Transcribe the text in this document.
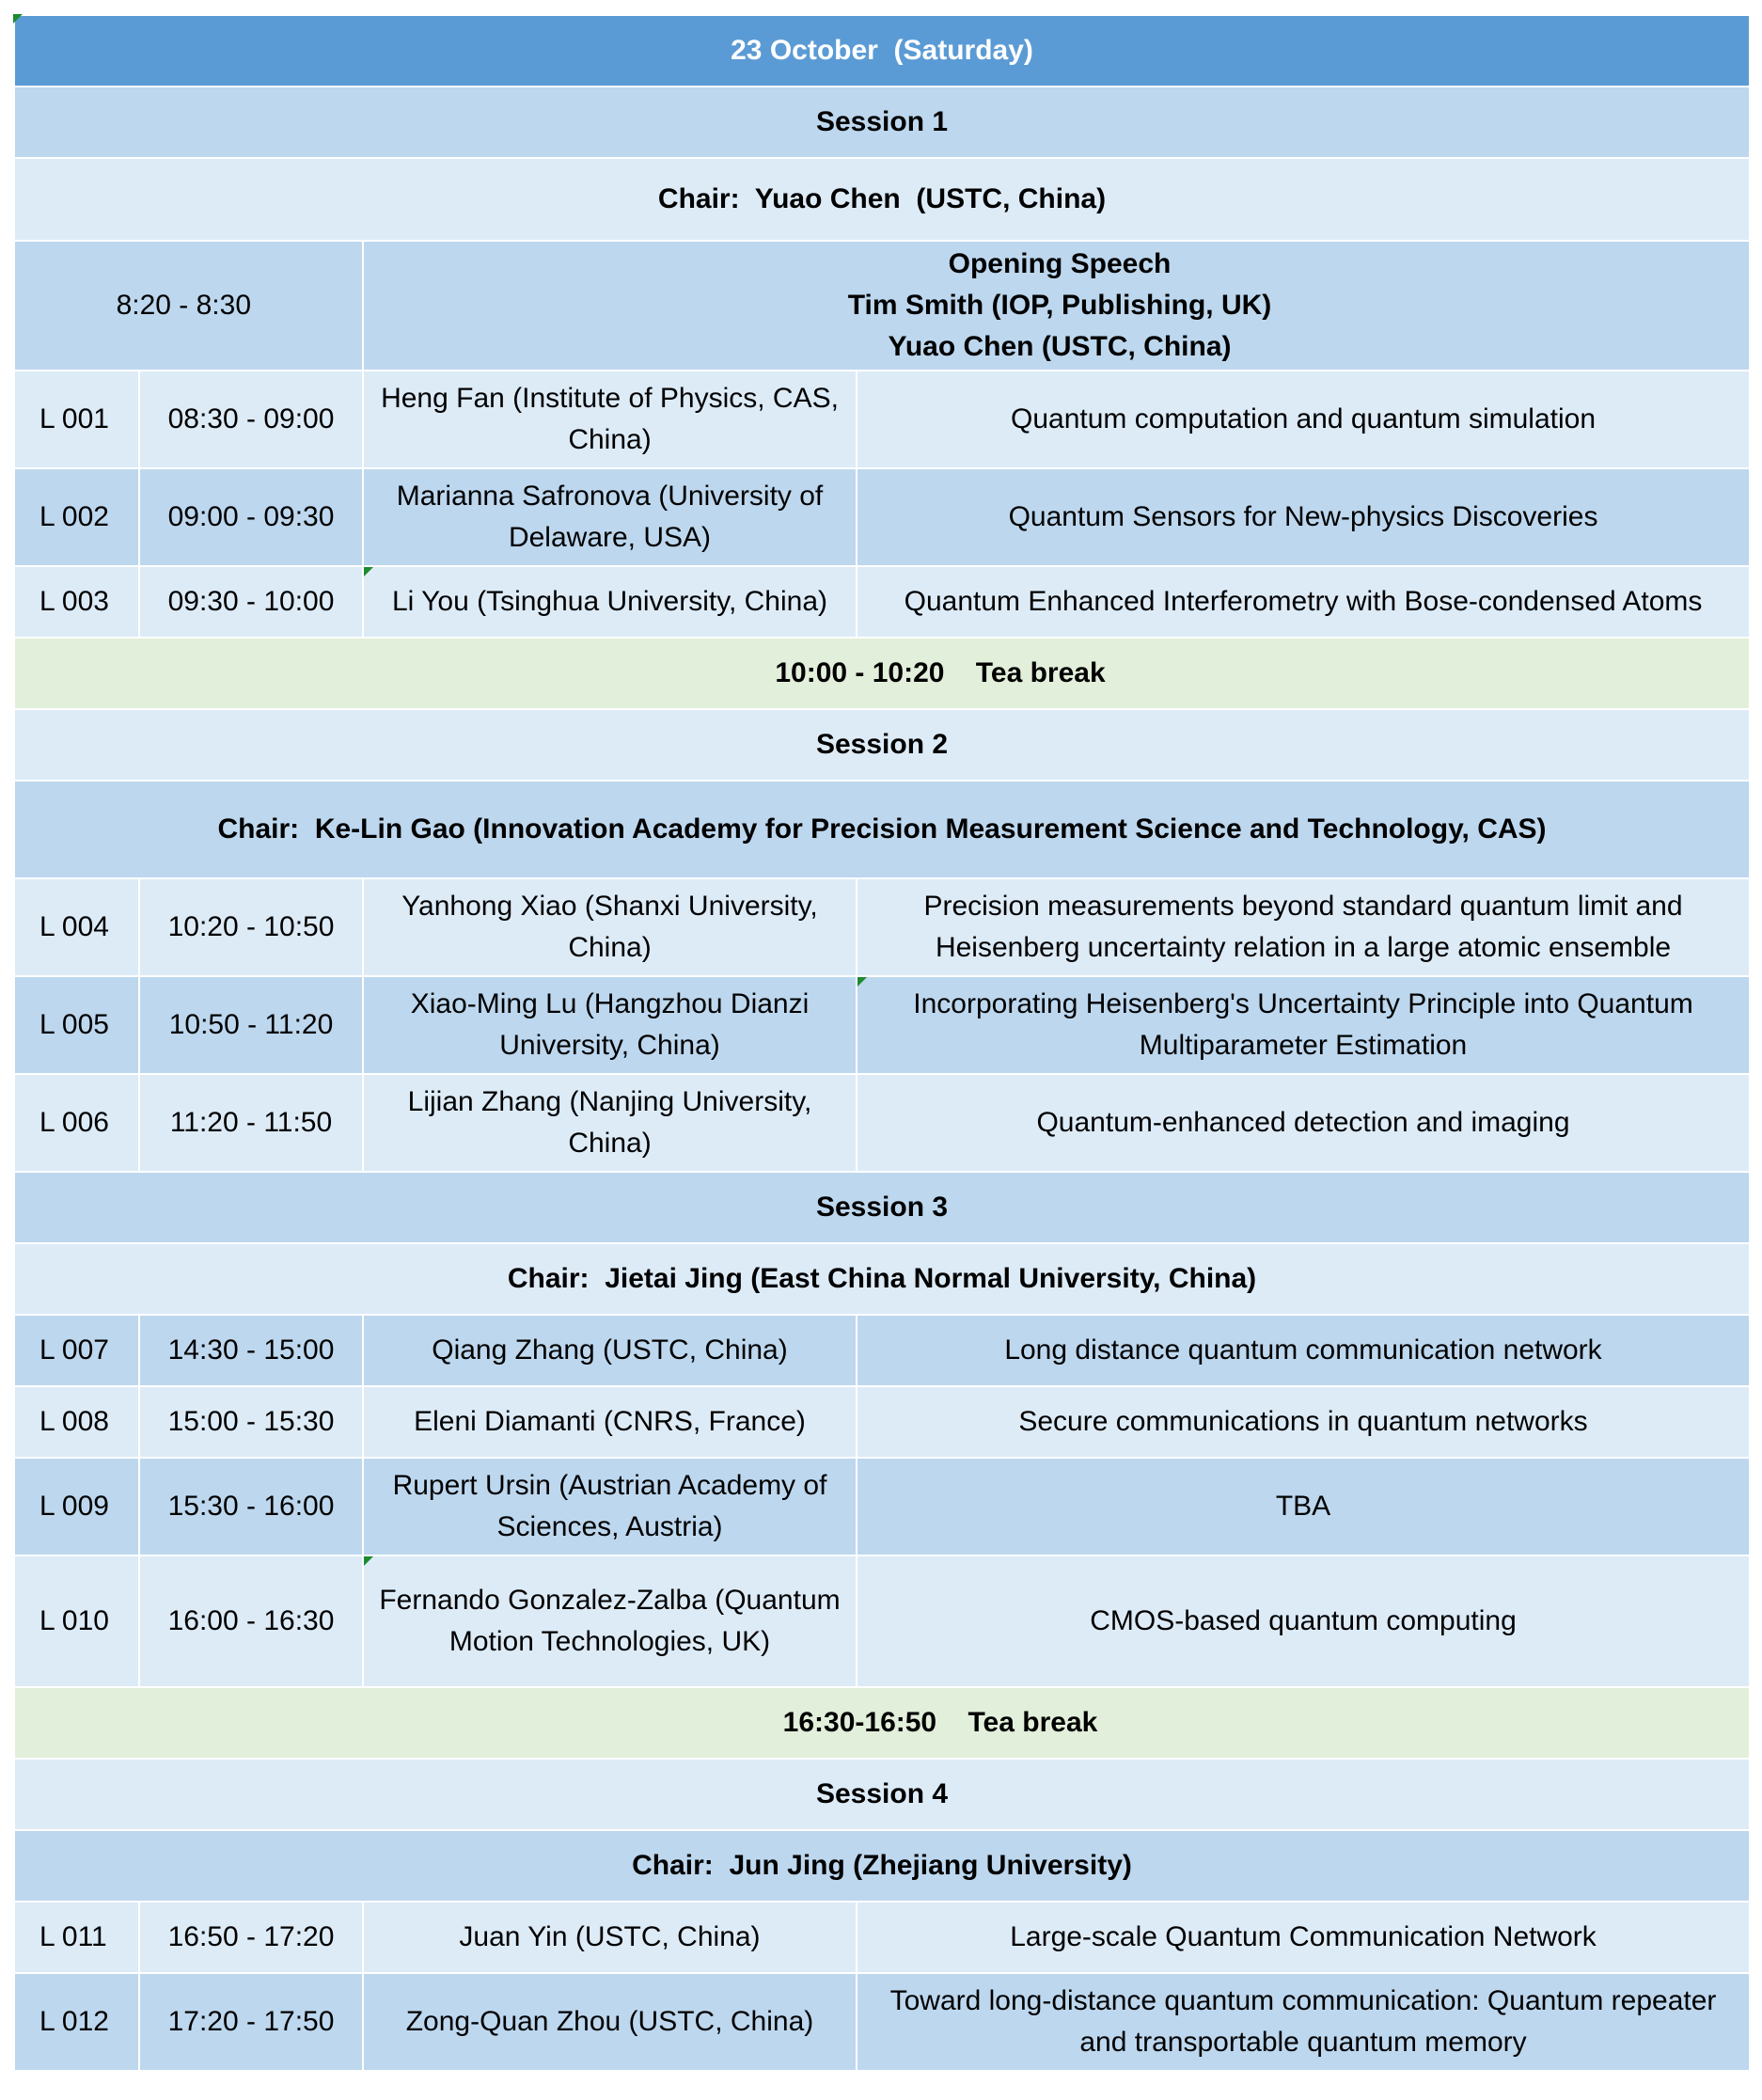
23 October  (Saturday)			
Session 1			
Chair:  Yuao Chen  (USTC, China)			
8:20 - 8:30		Opening Speech
Tim Smith (IOP, Publishing, UK)
Yuao Chen (USTC, China)	

L 001	08:30 - 09:00	Heng Fan (Institute of Physics, CAS, China)	Quantum computation and quantum simulation
L 002	09:00 - 09:30	Marianna Safronova (University of Delaware, USA)	Quantum Sensors for New-physics Discoveries
L 003	09:30 - 10:00	Li You (Tsinghua University, China)	Quantum Enhanced Interferometry with Bose-condensed Atoms
10:00 - 10:20    Tea break			
Session 2			
Chair:  Ke-Lin Gao (Innovation Academy for Precision Measurement Science and Technology, CAS)			
L 004	10:20 - 10:50	Yanhong Xiao (Shanxi University, China)	Precision measurements beyond standard quantum limit and Heisenberg uncertainty relation in a large atomic ensemble
L 005	10:50 - 11:20	Xiao-Ming Lu (Hangzhou Dianzi University, China)	Incorporating Heisenberg's Uncertainty Principle into Quantum Multiparameter Estimation
L 006	11:20 - 11:50	Lijian Zhang (Nanjing University, China)	Quantum-enhanced detection and imaging
Session 3			
Chair:  Jietai Jing (East China Normal University, China)			
L 007	14:30 - 15:00	Qiang Zhang (USTC, China)	Long distance quantum communication network
L 008	15:00 - 15:30	Eleni Diamanti (CNRS, France)	Secure communications in quantum networks
L 009	15:30 - 16:00	Rupert Ursin (Austrian Academy of Sciences, Austria)	TBA
L 010	16:00 - 16:30	Fernando Gonzalez-Zalba (Quantum Motion Technologies, UK)	CMOS-based quantum computing
16:30-16:50    Tea break			
Session 4			
Chair:  Jun Jing (Zhejiang University)			
L 011	16:50 - 17:20	Juan Yin (USTC, China)	Large-scale Quantum Communication Network
L 012	17:20 - 17:50	Zong-Quan Zhou (USTC, China)	Toward long-distance quantum communication: Quantum repeater and transportable quantum memory
